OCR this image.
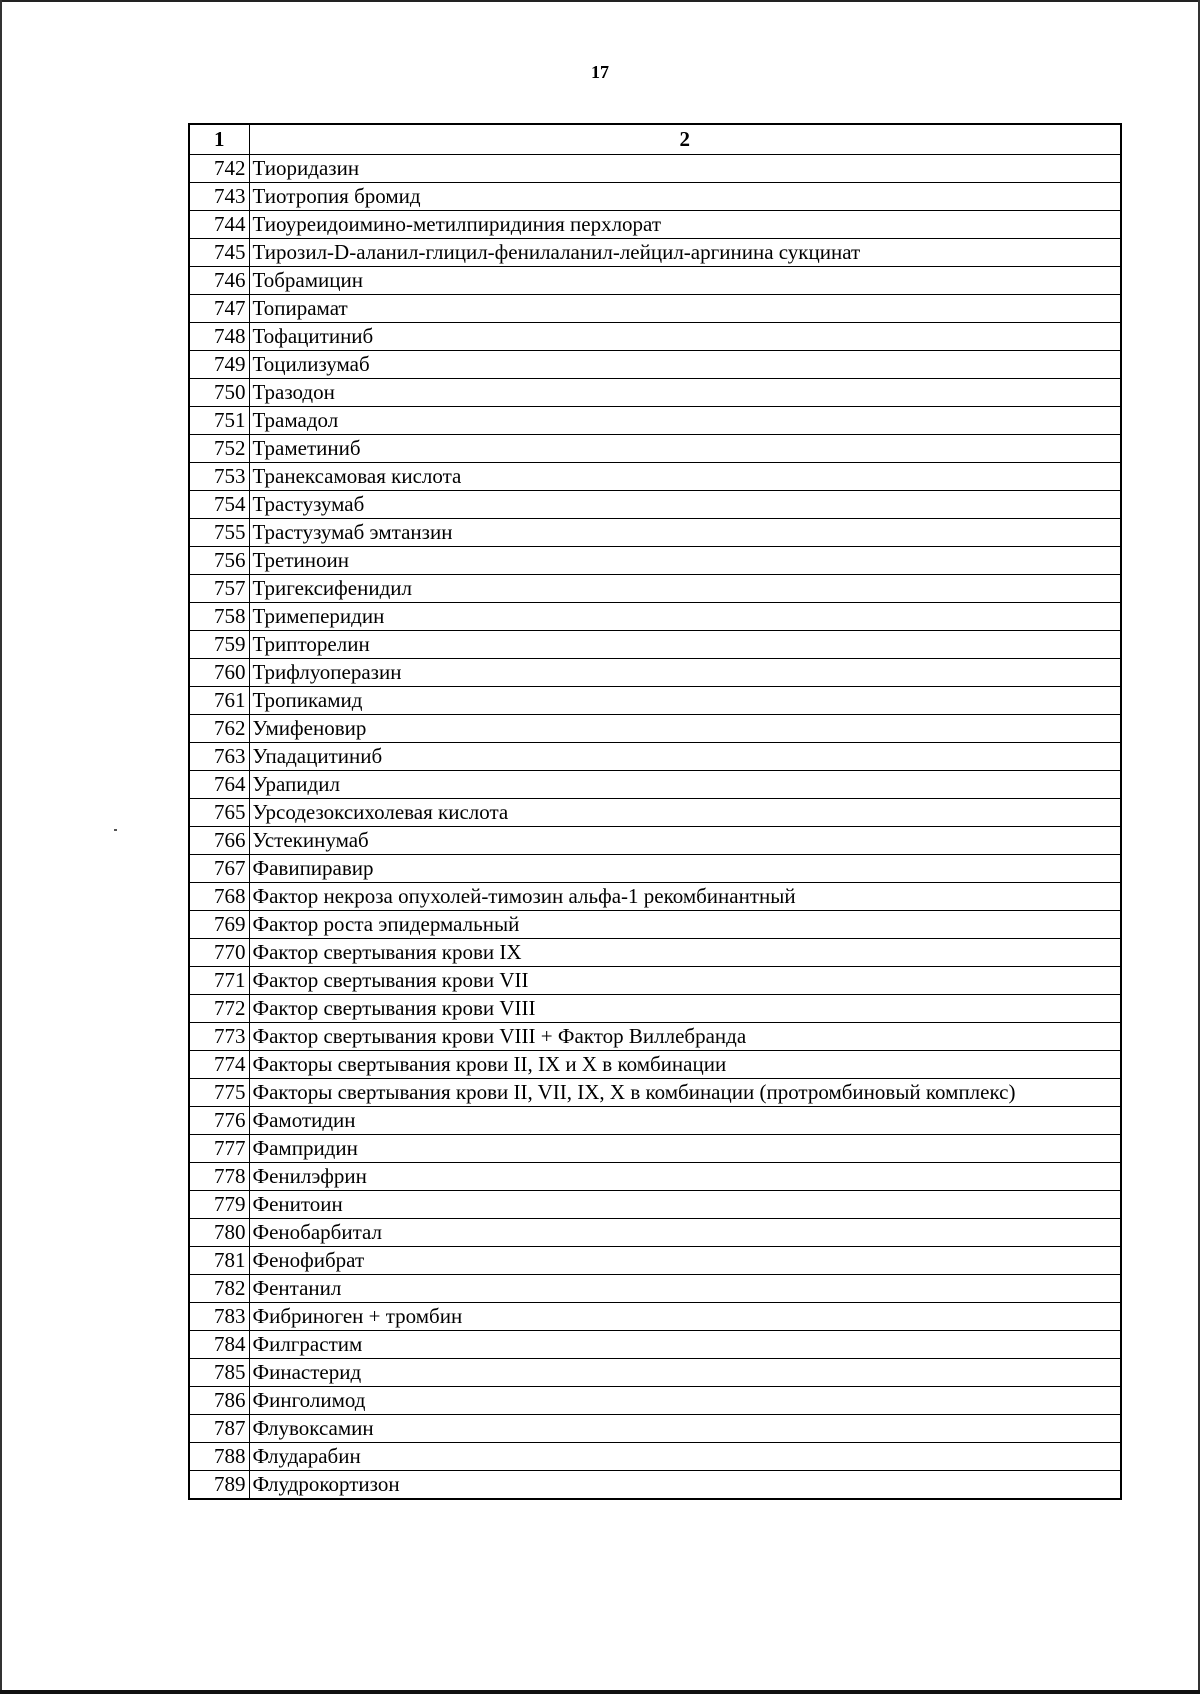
17
1	2
742	Тиоридазин
743	Тиотропия бромид
744	Тиоуреидоимино-метилпиридиния перхлорат
745	Тирозил-D-аланил-глицил-фенилаланил-лейцил-аргинина сукцинат
746	Тобрамицин
747	Топирамат
748	Тофацитиниб
749	Тоцилизумаб
750	Тразодон
751	Трамадол
752	Траметиниб
753	Транексамовая кислота
754	Трастузумаб
755	Трастузумаб эмтанзин
756	Третиноин
757	Тригексифенидил
758	Тримеперидин
759	Трипторелин
760	Трифлуоперазин
761	Тропикамид
762	Умифеновир
763	Упадацитиниб
764	Урапидил
765	Урсодезоксихолевая кислота
766	Устекинумаб
767	Фавипиравир
768	Фактор некроза опухолей-тимозин альфа-1 рекомбинантный
769	Фактор роста эпидермальный
770	Фактор свертывания крови IX
771	Фактор свертывания крови VII
772	Фактор свертывания крови VIII
773	Фактор свертывания крови VIII + Фактор Виллебранда
774	Факторы свертывания крови II, IX и X в комбинации
775	Факторы свертывания крови II, VII, IX, X в комбинации (протромбиновый комплекс)
776	Фамотидин
777	Фампридин
778	Фенилэфрин
779	Фенитоин
780	Фенобарбитал
781	Фенофибрат
782	Фентанил
783	Фибриноген + тромбин
784	Филграстим
785	Финастерид
786	Финголимод
787	Флувоксамин
788	Флударабин
789	Флудрокортизон
